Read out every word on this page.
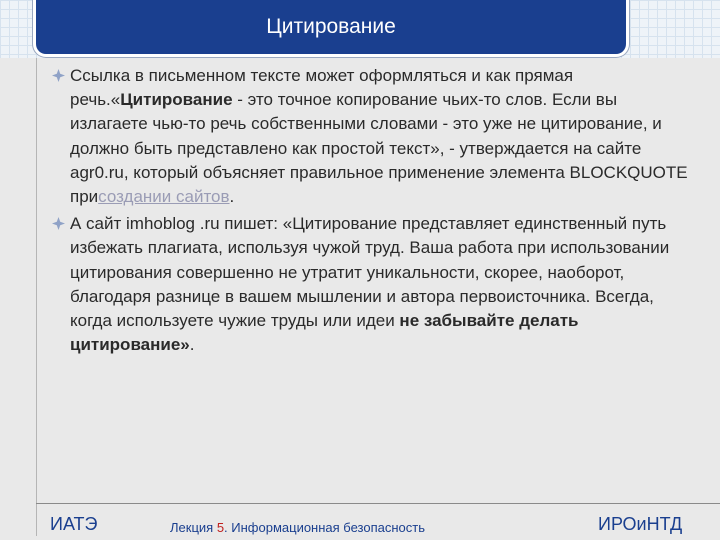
Цитирование
Ссылка в письменном тексте может оформляться и как прямая речь.«Цитирование - это точное копирование чьих-то слов. Если вы излагаете чью-то речь собственными словами - это уже не цитирование, и должно быть представлено как простой текст», - утверждается на сайте agr0.ru, который объясняет правильное применение элемента BLOCKQUOTE присоздании сайтов.
А сайт imhoblog .ru пишет: «Цитирование представляет единственный путь избежать плагиата, используя чужой труд. Ваша работа при использовании цитирования совершенно не утратит уникальности, скорее, наоборот, благодаря разнице в вашем мышлении и автора первоисточника. Всегда, когда используете чужие труды или идеи не забывайте делать цитирование».
ИАТЭ	Лекция 5. Информационная безопасность	ИРОиНТД
